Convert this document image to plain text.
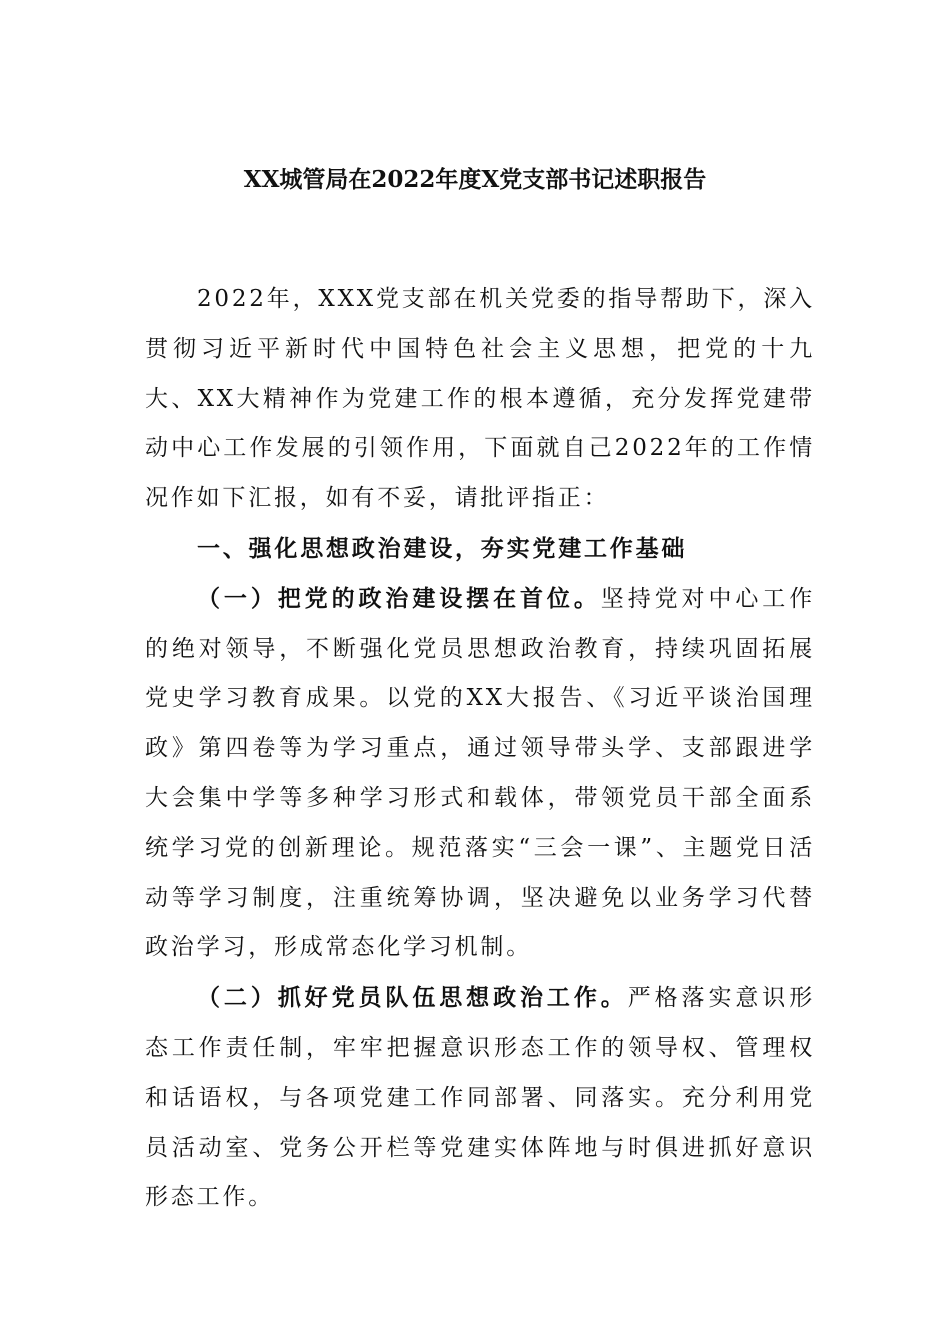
XX城管局在2022年度X党支部书记述职报告

2022年，XXX党支部在机关党委的指导帮助下，深入贯彻习近平新时代中国特色社会主义思想，把党的十九大、XX大精神作为党建工作的根本遵循，充分发挥党建带动中心工作发展的引领作用，下面就自己2022年的工作情况作如下汇报，如有不妥，请批评指正：

一、强化思想政治建设，夯实党建工作基础

（一）把党的政治建设摆在首位。坚持党对中心工作的绝对领导，不断强化党员思想政治教育，持续巩固拓展党史学习教育成果。以党的XX大报告、《习近平谈治国理政》第四卷等为学习重点，通过领导带头学、支部跟进学大会集中学等多种学习形式和载体，带领党员干部全面系统学习党的创新理论。规范落实“三会一课”、主题党日活动等学习制度，注重统筹协调，坚决避免以业务学习代替政治学习，形成常态化学习机制。

（二）抓好党员队伍思想政治工作。严格落实意识形态工作责任制，牢牢把握意识形态工作的领导权、管理权和话语权，与各项党建工作同部署、同落实。充分利用党员活动室、党务公开栏等党建实体阵地与时俱进抓好意识形态工作。
